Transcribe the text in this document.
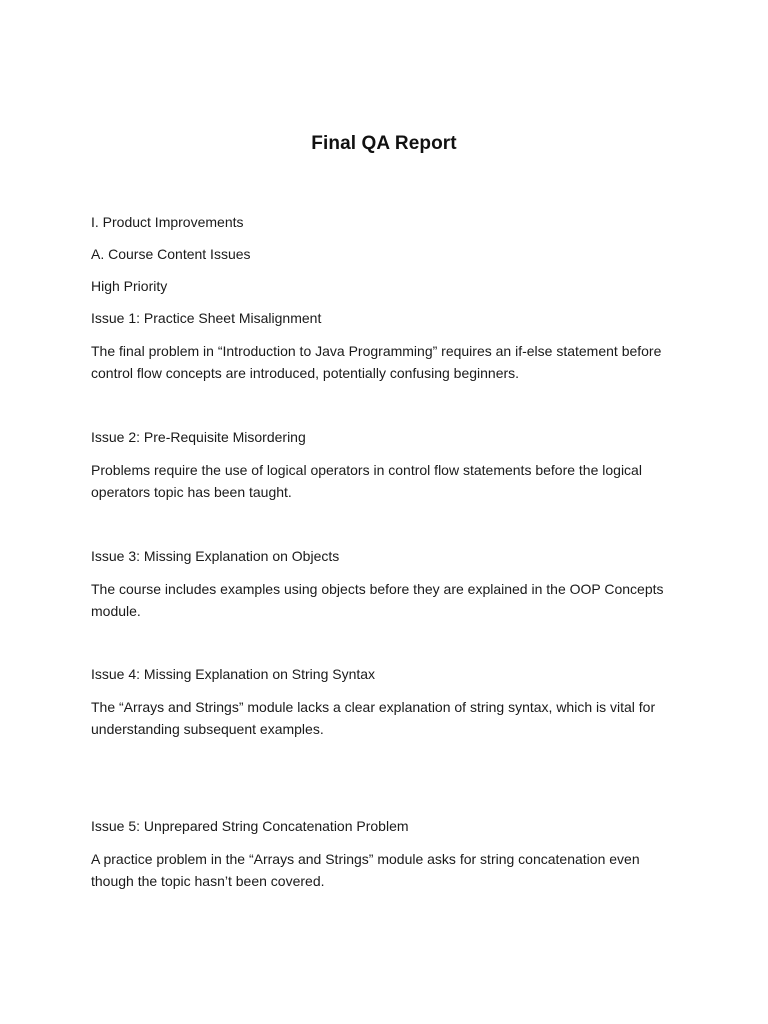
Final QA Report
I. Product Improvements
A. Course Content Issues
High Priority
Issue 1: Practice Sheet Misalignment
The final problem in “Introduction to Java Programming” requires an if-else statement before control flow concepts are introduced, potentially confusing beginners.
Issue 2: Pre-Requisite Misordering
Problems require the use of logical operators in control flow statements before the logical operators topic has been taught.
Issue 3: Missing Explanation on Objects
The course includes examples using objects before they are explained in the OOP Concepts module.
Issue 4: Missing Explanation on String Syntax
The “Arrays and Strings” module lacks a clear explanation of string syntax, which is vital for understanding subsequent examples.
Issue 5: Unprepared String Concatenation Problem
A practice problem in the “Arrays and Strings” module asks for string concatenation even though the topic hasn’t been covered.
